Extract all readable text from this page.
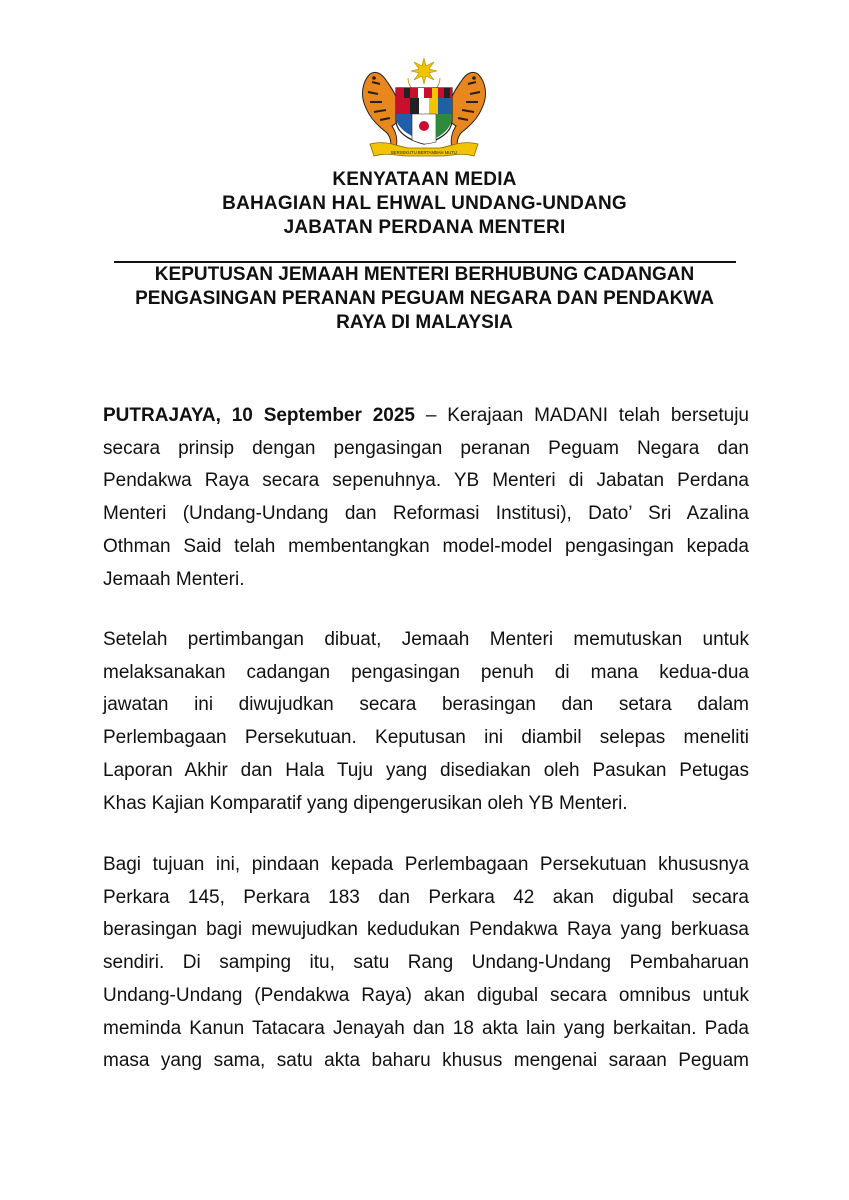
BERSEKUTU BERTAMBAH MUTU
KENYATAAN MEDIA
BAHAGIAN HAL EHWAL UNDANG-UNDANG
JABATAN PERDANA MENTERI
KEPUTUSAN JEMAAH MENTERI BERHUBUNG CADANGAN
PENGASINGAN PERANAN PEGUAM NEGARA DAN PENDAKWA
RAYA DI MALAYSIA
PUTRAJAYA, 10 September 2025 – Kerajaan MADANI telah bersetuju
secara prinsip dengan pengasingan peranan Peguam Negara dan
Pendakwa Raya secara sepenuhnya. YB Menteri di Jabatan Perdana
Menteri (Undang-Undang dan Reformasi Institusi), Dato’ Sri Azalina
Othman Said telah membentangkan model-model pengasingan kepada
Jemaah Menteri.
Setelah pertimbangan dibuat, Jemaah Menteri memutuskan untuk
melaksanakan cadangan pengasingan penuh di mana kedua-dua
jawatan ini diwujudkan secara berasingan dan setara dalam
Perlembagaan Persekutuan. Keputusan ini diambil selepas meneliti
Laporan Akhir dan Hala Tuju yang disediakan oleh Pasukan Petugas
Khas Kajian Komparatif yang dipengerusikan oleh YB Menteri.
Bagi tujuan ini, pindaan kepada Perlembagaan Persekutuan khususnya
Perkara 145, Perkara 183 dan Perkara 42 akan digubal secara
berasingan bagi mewujudkan kedudukan Pendakwa Raya yang berkuasa
sendiri. Di samping itu, satu Rang Undang-Undang Pembaharuan
Undang-Undang (Pendakwa Raya) akan digubal secara omnibus untuk
meminda Kanun Tatacara Jenayah dan 18 akta lain yang berkaitan. Pada
masa yang sama, satu akta baharu khusus mengenai saraan Peguam
